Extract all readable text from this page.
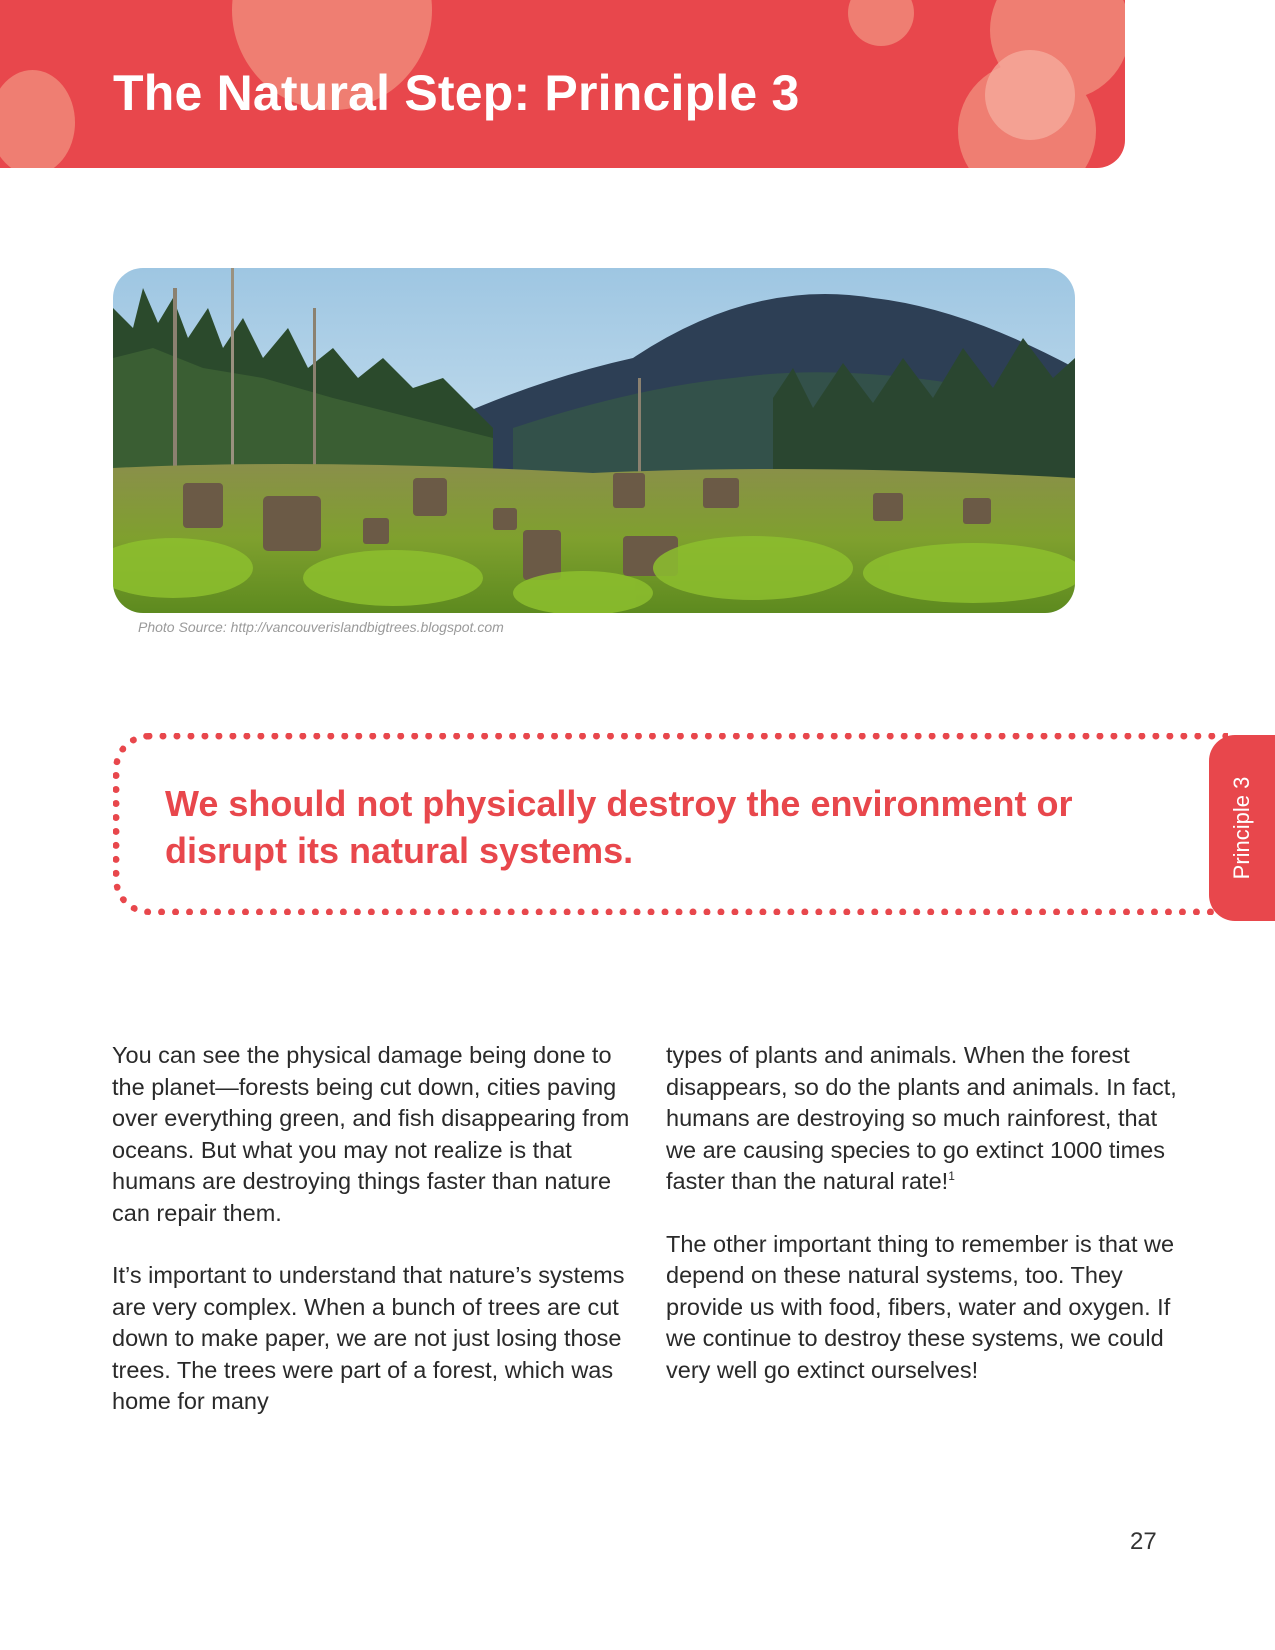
The Natural Step: Principle 3
Photo Source: http://vancouverislandbigtrees.blogspot.com

We should not physically destroy the environment or disrupt its natural systems.	Principle 3

You can see the physical damage being done to the planet—forests being cut down, cities paving over everything green, and fish disappearing from oceans. But what you may not realize is that humans are destroying things faster than nature can repair them.

It’s important to understand that nature’s systems are very complex. When a bunch of trees are cut down to make paper, we are not just losing those trees. The trees were part of a forest, which was home for many

types of plants and animals. When the forest disappears, so do the plants and animals. In fact, humans are destroying so much rainforest, that we are causing species to go extinct 1000 times faster than the natural rate!$^1$

The other important thing to remember is that we depend on these natural systems, too. They provide us with food, fibers, water and oxygen. If we continue to destroy these systems, we could very well go extinct ourselves!

27
